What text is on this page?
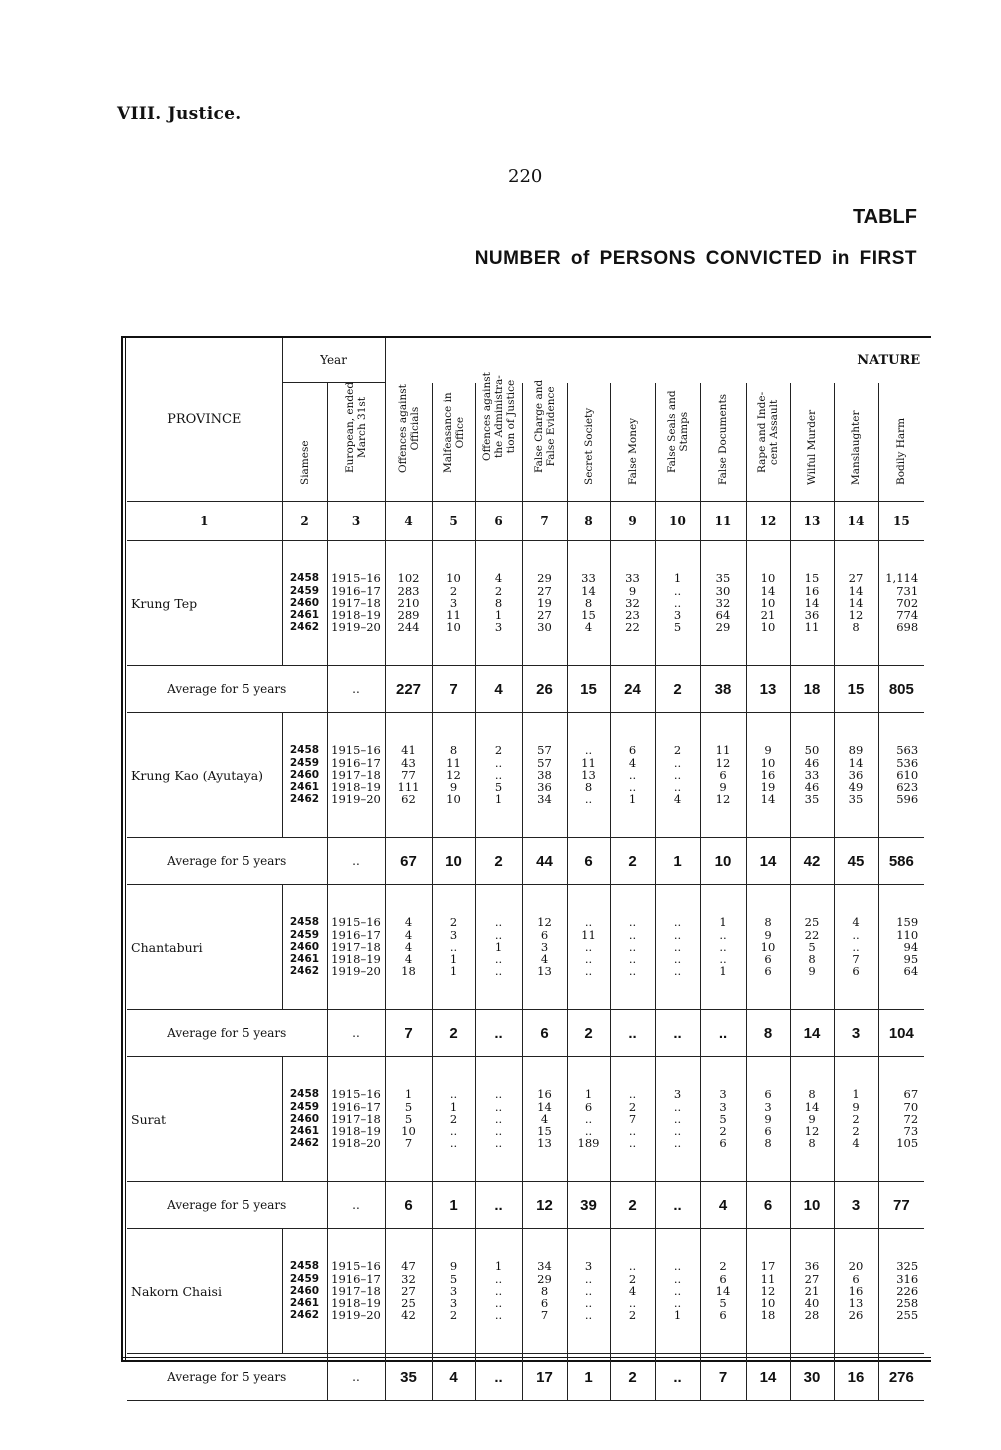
VIII. Justice.
220
TABLF
NUMBER of PERSONS CONVICTED in FIRST
PROVINCE	Year		NATURE											

	Siamese	European, ended
March 31st	Offences against
Officials	Malfeasance in
Office	Offences against
the Administra-
tion of Justice	False Charge and
False Evidence	Secret Society	False Money	False Seals and
Stamps	False Documents	Rape and Inde-
cent Assault	Wilful Murder	Manslaughter	Bodily Harm

1	2	3	4	5	6	7	8	9	10	11	12	13	14	15

Krung Tep	2458
2459
2460
2461
2462	1915–16
1916–17
1917–18
1918–19
1919–20	102
283
210
289
244	10
2
3
11
10	4
2
8
1
3	29
27
19
27
30	33
14
8
15
4	33
9
32
23
22	1
..
..
3
5	35
30
32
64
29	10
14
10
21
10	15
16
14
36
11	27
14
14
12
8	1,114
731
702
774
698

Average for 5 years		..	227	7	4	26	15	24	2	38	13	18	15	805

Krung Kao (Ayutaya)	2458
2459
2460
2461
2462	1915–16
1916–17
1917–18
1918–19
1919–20	41
43
77
111
62	8
11
12
9
10	2
..
..
5
1	57
57
38
36
34	..
11
13
8
..	6
4
..
..
1	2
..
..
..
4	11
12
6
9
12	9
10
16
19
14	50
46
33
46
35	89
14
36
49
35	563
536
610
623
596

Average for 5 years		..	67	10	2	44	6	2	1	10	14	42	45	586

Chantaburi	2458
2459
2460
2461
2462	1915–16
1916–17
1917–18
1918–19
1919–20	4
4
4
4
18	2
3
..
1
1	..
..
1
..
..	12
6
3
4
13	..
11
..
..
..	..
..
..
..
..	..
..
..
..
..	1
..
..
..
1	8
9
10
6
6	25
22
5
8
9	4
..
..
7
6	159
110
94
95
64

Average for 5 years		..	7	2	..	6	2	..	..	..	8	14	3	104

Surat	2458
2459
2460
2461
2462	1915–16
1916–17
1917–18
1918–19
1918–20	1
5
5
10
7	..
1
2
..
..	..
..
..
..
..	16
14
4
15
13	1
6
..
..
189	..
2
7
..
..	3
..
..
..
..	3
3
5
2
6	6
3
9
6
8	8
14
9
12
8	1
9
2
2
4	67
70
72
73
105

Average for 5 years		..	6	1	..	12	39	2	..	4	6	10	3	77

Nakorn Chaisi	2458
2459
2460
2461
2462	1915–16
1916–17
1917–18
1918–19
1919–20	47
32
27
25
42	9
5
3
3
2	1
..
..
..
..	34
29
8
6
7	3
..
..
..
..	..
2
4
..
2	..
..
..
..
1	2
6
14
5
6	17
11
12
10
18	36
27
21
40
28	20
6
16
13
26	325
316
226
258
255

Average for 5 years		..	35	4	..	17	1	2	..	7	14	30	16	276
